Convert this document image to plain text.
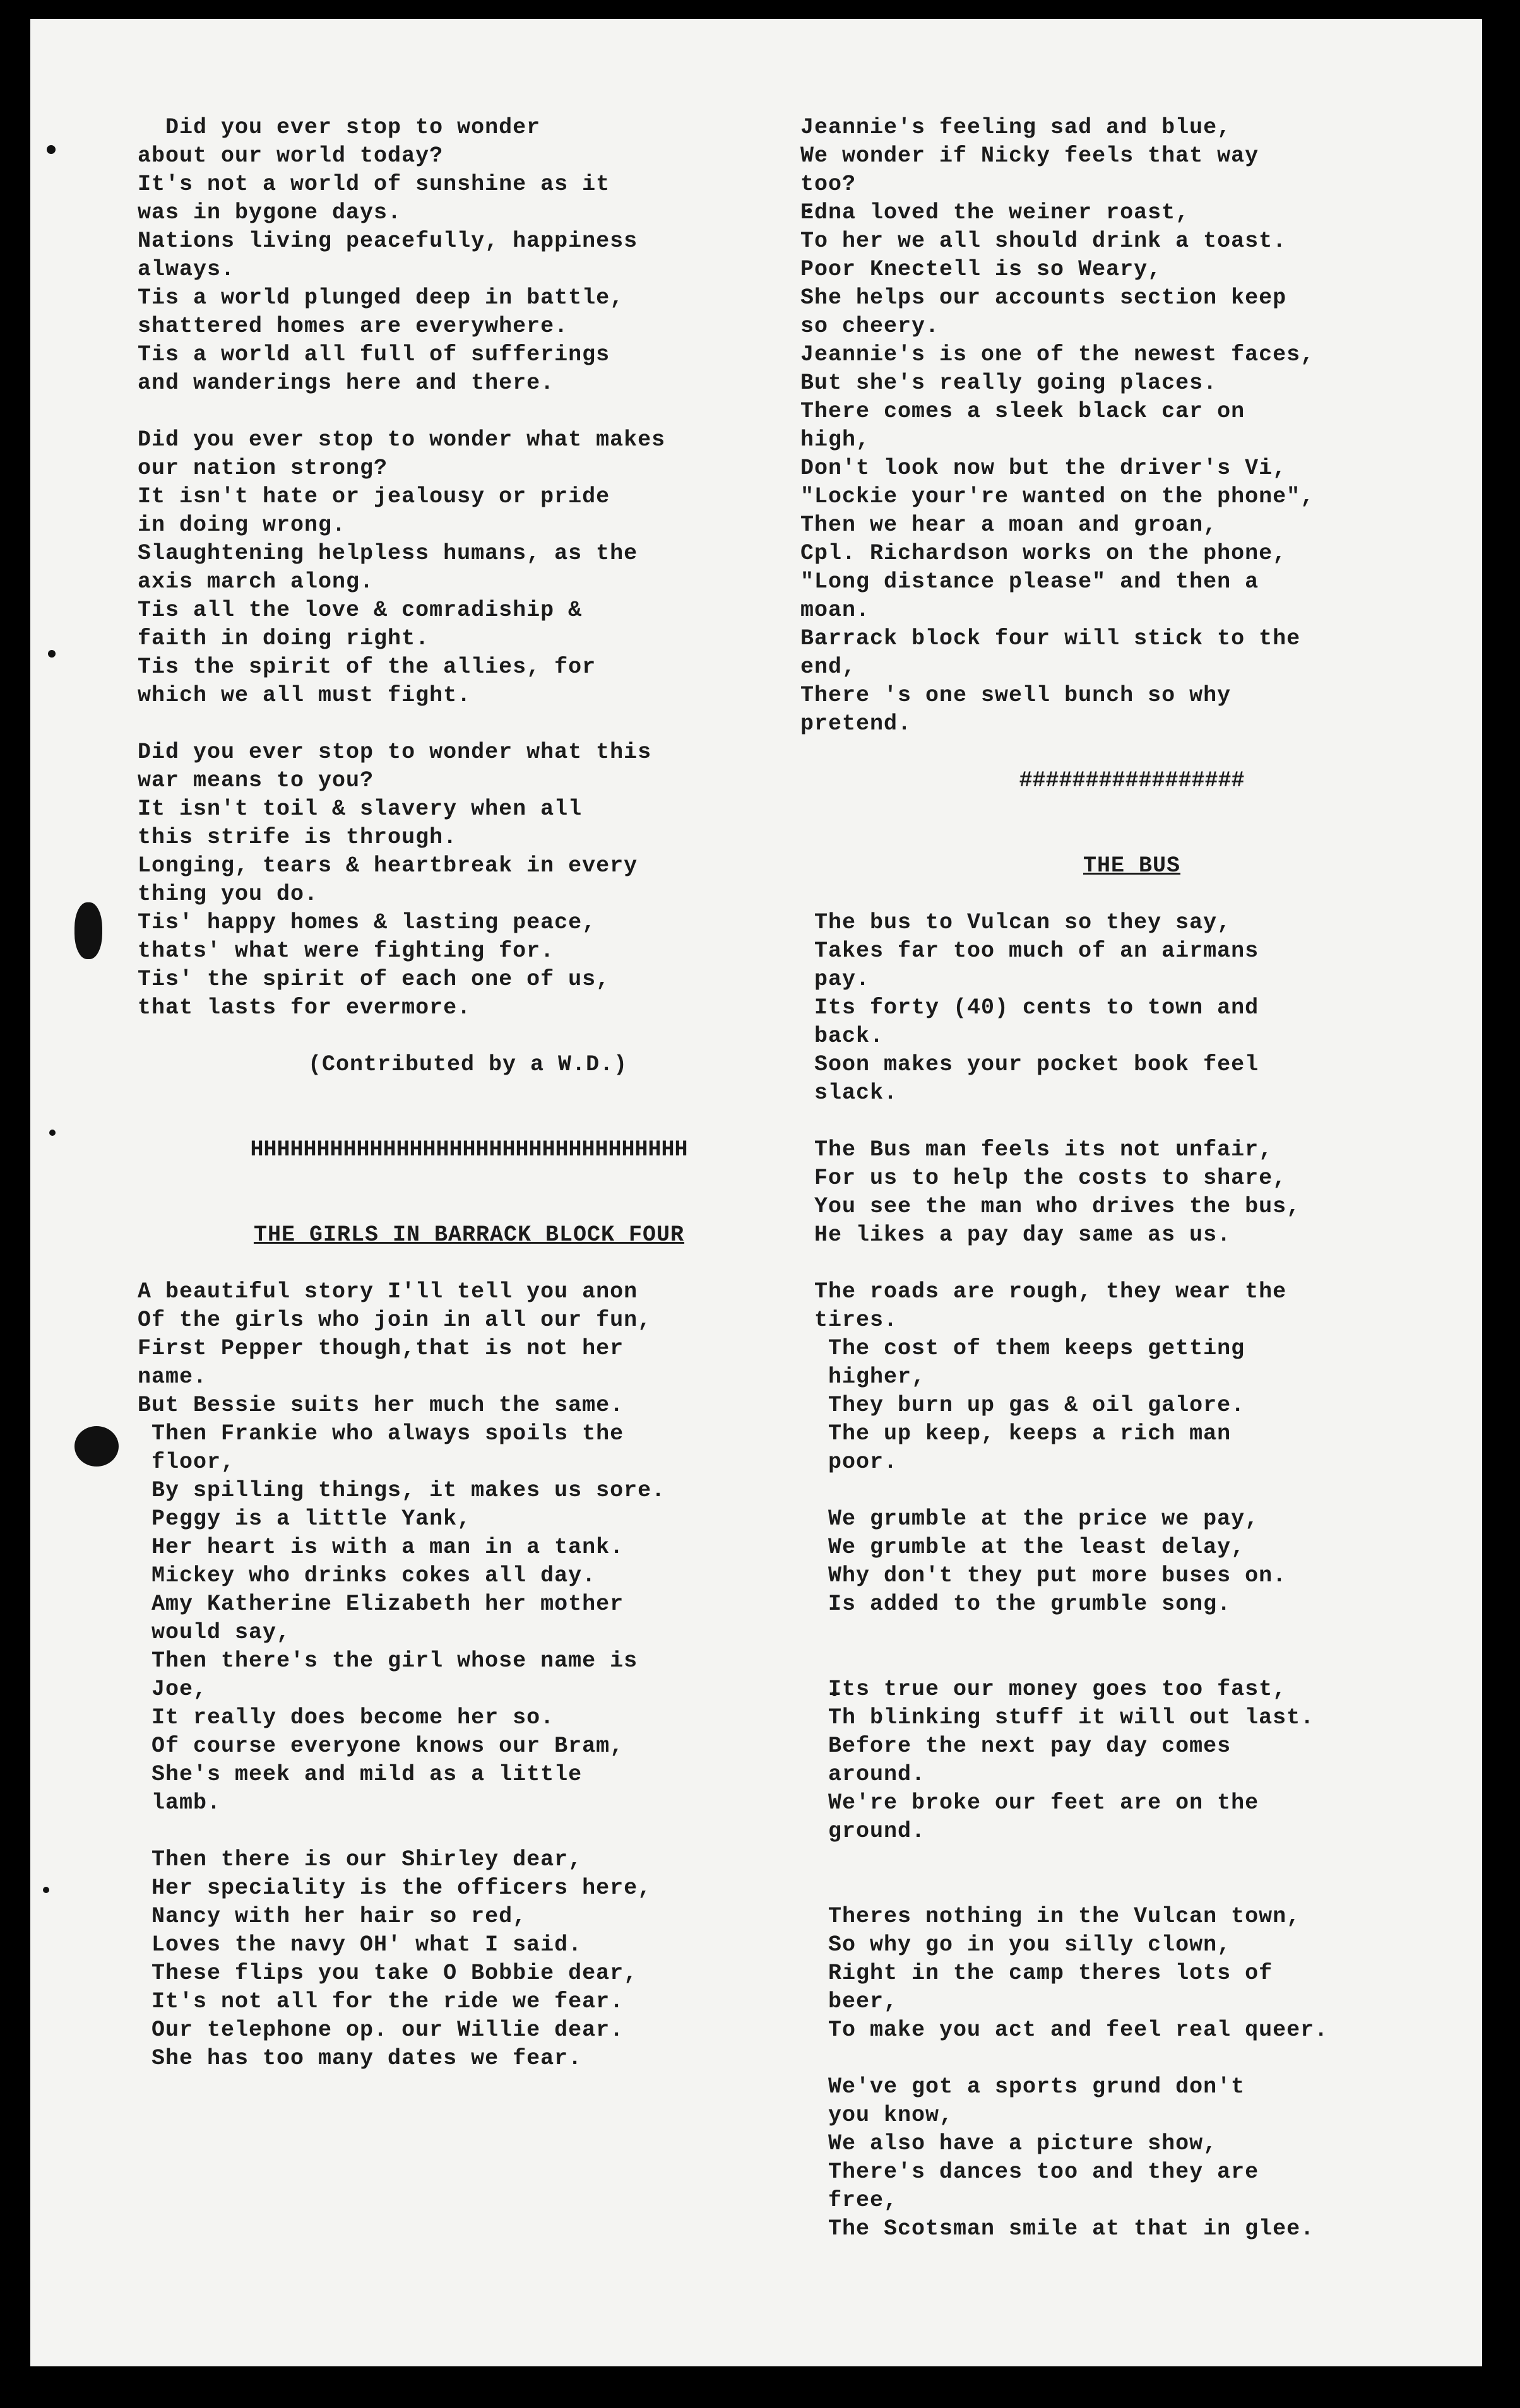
Did you ever stop to wonder
about our world today?
It's not a world of sunshine as it
was in bygone days.
Nations living peacefully, happiness
always.
Tis a world plunged deep in battle,
shattered homes are everywhere.
Tis a world all full of sufferings
and wanderings here and there.

Did you ever stop to wonder what makes
our nation strong?
It isn't hate or jealousy or pride
in doing wrong.
Slaughtening helpless humans, as the
axis march along.
Tis all the love & comradiship &
faith in doing right.
Tis the spirit of the allies, for
which we all must fight.

Did you ever stop to wonder what this
war means to you?
It isn't toil & slavery when all
this strife is through.
Longing, tears & heartbreak in every
thing you do.
Tis' happy homes & lasting peace,
thats' what were fighting for.
Tis' the spirit of each one of us,
that lasts for evermore.
(Contributed by a W.D.)
HHHHHHHHHHHHHHHHHHHHHHHHHHHHHHHHH
THE GIRLS IN BARRACK BLOCK FOUR
A beautiful story I'll tell you anon
Of the girls who join in all our fun,
First Pepper though,that is not her
name.
But Bessie suits her much the same.
Then Frankie who always spoils the
floor,
By spilling things, it makes us sore.
Peggy is a little Yank,
Her heart is with a man in a tank.
Mickey who drinks cokes all day.
Amy Katherine Elizabeth her mother
would say,
Then there's the girl whose name is
Joe,
It really does become her so.
Of course everyone knows our Bram,
She's meek and mild as a little
lamb.

Then there is our Shirley dear,
Her speciality is the officers here,
Nancy with her hair so red,
Loves the navy OH' what I said.
These flips you take O Bobbie dear,
It's not all for the ride we fear.
Our telephone op. our Willie dear.
She has too many dates we fear.
Jeannie's feeling sad and blue,
We wonder if Nicky feels that way
too?
Edna loved the weiner roast,
To her we all should drink a toast.
Poor Knectell is so Weary,
She helps our accounts section keep
so cheery.
Jeannie's is one of the newest faces,
But she's really going places.
There comes a sleek black car on
high,
Don't look now but the driver's Vi,
"Lockie your're wanted on the phone",
Then we hear a moan and groan,
Cpl. Richardson works on the phone,
"Long distance please" and then a
moan.
Barrack block four will stick to the
end,
There 's one swell bunch so why
pretend.
#################
THE BUS
The bus to Vulcan so they say,
Takes far too much of an airmans
pay.
Its forty (40) cents to town and
back.
Soon makes your pocket book feel
slack.

The Bus man feels its not unfair,
For us to help the costs to share,
You see the man who drives the bus,
He likes a pay day same as us.

The roads are rough, they wear the
tires.
The cost of them keeps getting
higher,
They burn up gas & oil galore.
The up keep, keeps a rich man
poor.

We grumble at the price we pay,
We grumble at the least delay,
Why don't they put more buses on.
Is added to the grumble song.

Its true our money goes too fast,
Th blinking stuff it will out last.
Before the next pay day comes
around.
We're broke our feet are on the
ground.

Theres nothing in the Vulcan town,
So why go in you silly clown,
Right in the camp theres lots of
beer,
To make you act and feel real queer.

We've got a sports grund don't
you know,
We also have a picture show,
There's dances too and they are
free,
The Scotsman smile at that in glee.
